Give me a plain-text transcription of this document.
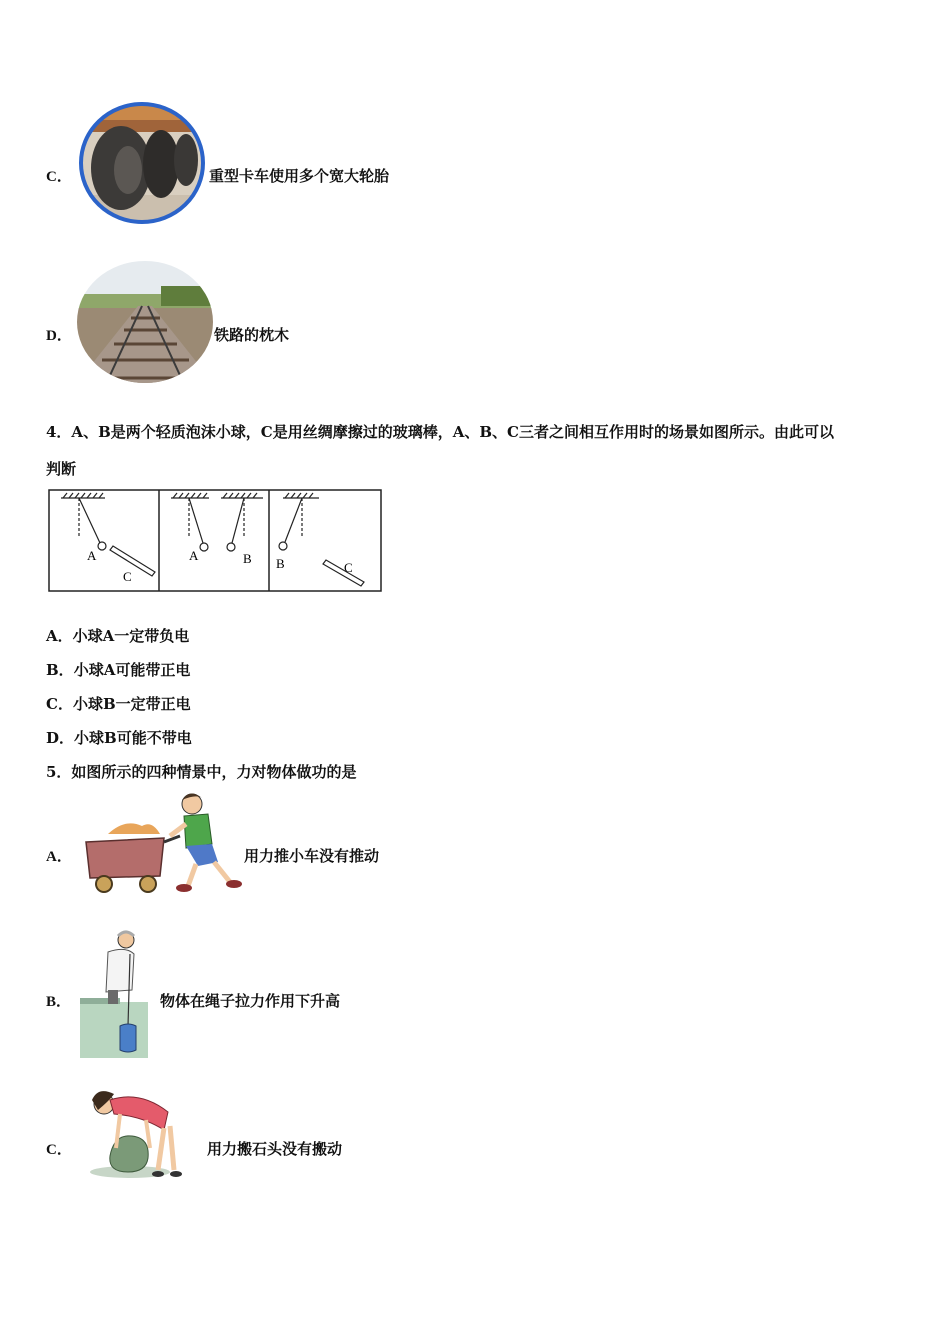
C．	重型卡车使用多个宽大轮胎
D．	铁路的枕木
4．A、B是两个轻质泡沫小球，C是用丝绸摩擦过的玻璃棒，A、B、C三者之间相互作用时的场景如图所示。由此可以
判断
A
C
A	B B	C
A．小球A一定带负电
B．小球A可能带正电
C．小球B一定带正电
D．小球B可能不带电
5．如图所示的四种情景中，力对物体做功的是
A．	用力推小车没有推动
B．	物体在绳子拉力作用下升高
C．	用力搬石头没有搬动
